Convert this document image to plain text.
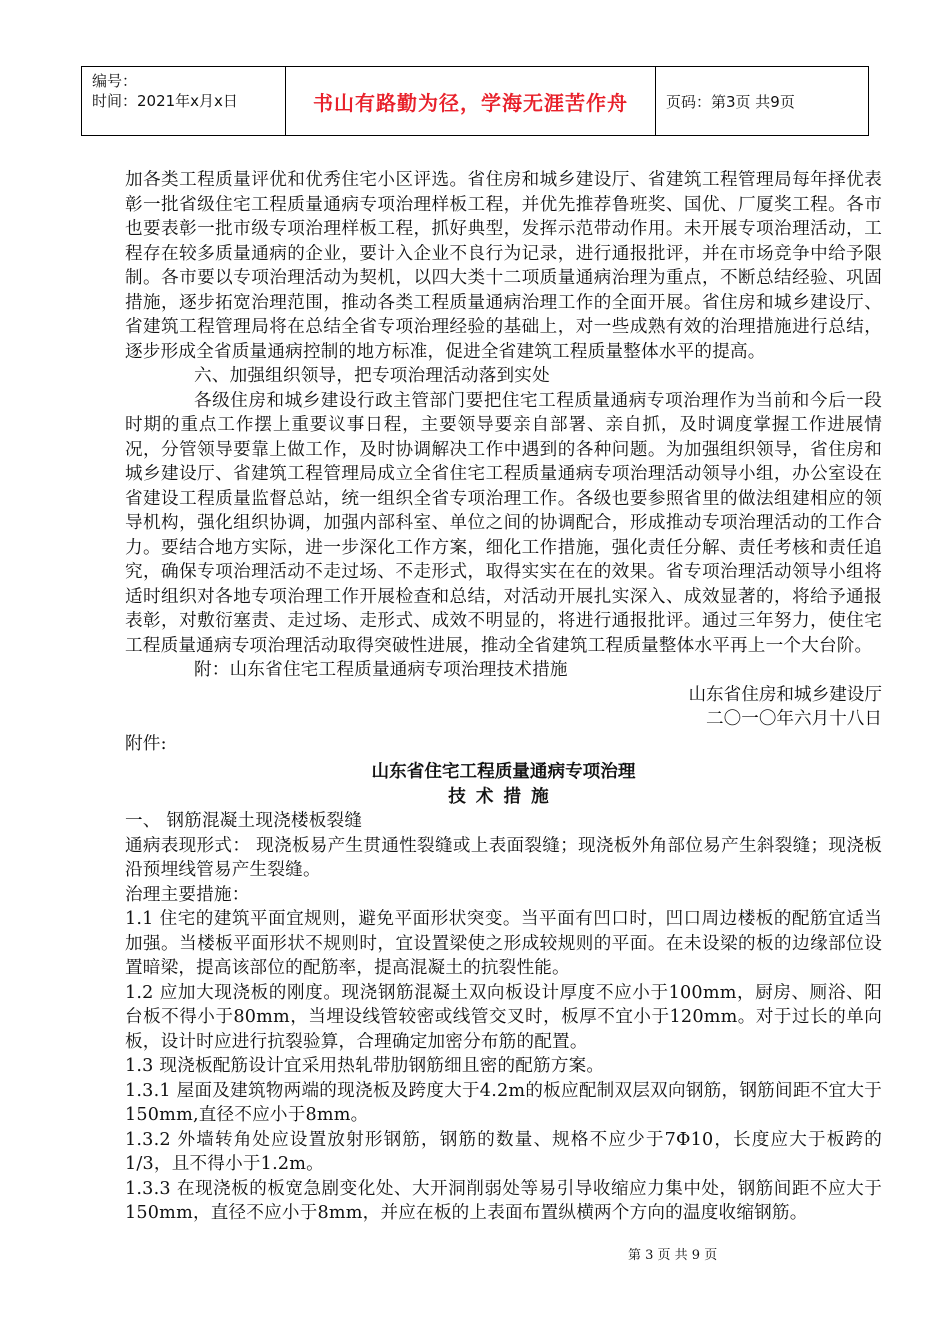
编号：
时间：2021年x月x日	书山有路勤为径，学海无涯苦作舟	页码：第3页 共9页

加各类工程质量评优和优秀住宅小区评选。省住房和城乡建设厅、省建筑工程管理局每年择优表彰一批省级住宅工程质量通病专项治理样板工程，并优先推荐鲁班奖、国优、厂厦奖工程。各市也要表彰一批市级专项治理样板工程，抓好典型，发挥示范带动作用。未开展专项治理活动，工程存在较多质量通病的企业，要计入企业不良行为记录，进行通报批评，并在市场竞争中给予限制。各市要以专项治理活动为契机，以四大类十二项质量通病治理为重点，不断总结经验、巩固措施，逐步拓宽治理范围，推动各类工程质量通病治理工作的全面开展。省住房和城乡建设厅、省建筑工程管理局将在总结全省专项治理经验的基础上，对一些成熟有效的治理措施进行总结，逐步形成全省质量通病控制的地方标准，促进全省建筑工程质量整体水平的提高。

六、加强组织领导，把专项治理活动落到实处

各级住房和城乡建设行政主管部门要把住宅工程质量通病专项治理作为当前和今后一段时期的重点工作摆上重要议事日程，主要领导要亲自部署、亲自抓，及时调度掌握工作进展情况，分管领导要靠上做工作，及时协调解决工作中遇到的各种问题。为加强组织领导，省住房和城乡建设厅、省建筑工程管理局成立全省住宅工程质量通病专项治理活动领导小组，办公室设在省建设工程质量监督总站，统一组织全省专项治理工作。各级也要参照省里的做法组建相应的领导机构，强化组织协调，加强内部科室、单位之间的协调配合，形成推动专项治理活动的工作合力。要结合地方实际，进一步深化工作方案，细化工作措施，强化责任分解、责任考核和责任追究，确保专项治理活动不走过场、不走形式，取得实实在在的效果。省专项治理活动领导小组将适时组织对各地专项治理工作开展检查和总结，对活动开展扎实深入、成效显著的，将给予通报表彰，对敷衍塞责、走过场、走形式、成效不明显的，将进行通报批评。通过三年努力，使住宅工程质量通病专项治理活动取得突破性进展，推动全省建筑工程质量整体水平再上一个大台阶。

附：山东省住宅工程质量通病专项治理技术措施

山东省住房和城乡建设厅

二〇一〇年六月十八日

附件:

山东省住宅工程质量通病专项治理

技术措施

一、 钢筋混凝土现浇楼板裂缝

通病表现形式： 现浇板易产生贯通性裂缝或上表面裂缝；现浇板外角部位易产生斜裂缝；现浇板沿预埋线管易产生裂缝。

治理主要措施：

1.1 住宅的建筑平面宜规则，避免平面形状突变。当平面有凹口时，凹口周边楼板的配筋宜适当加强。当楼板平面形状不规则时，宜设置梁使之形成较规则的平面。在未设梁的板的边缘部位设置暗梁，提高该部位的配筋率，提高混凝土的抗裂性能。

1.2 应加大现浇板的刚度。现浇钢筋混凝土双向板设计厚度不应小于100mm，厨房、厕浴、阳台板不得小于80mm，当埋设线管较密或线管交叉时，板厚不宜小于120mm。对于过长的单向板，设计时应进行抗裂验算，合理确定加密分布筋的配置。

1.3 现浇板配筋设计宜采用热轧带肋钢筋细且密的配筋方案。

1.3.1 屋面及建筑物两端的现浇板及跨度大于4.2m的板应配制双层双向钢筋，钢筋间距不宜大于150mm,直径不应小于8mm。

1.3.2 外墙转角处应设置放射形钢筋，钢筋的数量、规格不应少于7Φ10，长度应大于板跨的1/3，且不得小于1.2m。

1.3.3 在现浇板的板宽急剧变化处、大开洞削弱处等易引导收缩应力集中处，钢筋间距不应大于150mm，直径不应小于8mm，并应在板的上表面布置纵横两个方向的温度收缩钢筋。

第 3 页 共 9 页
